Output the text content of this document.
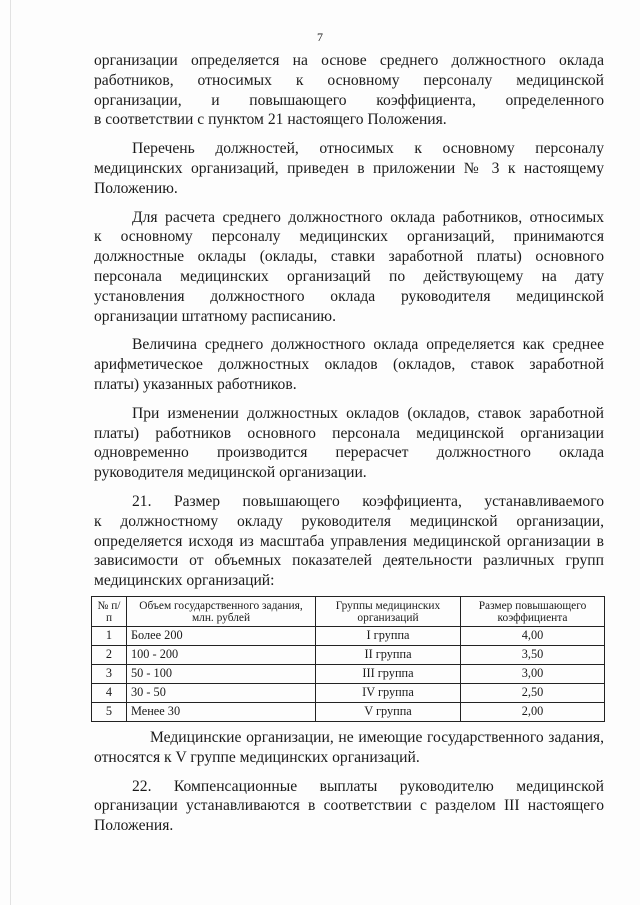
7

организации определяется на основе среднего должностного оклада
работников, относимых к основному персоналу медицинской
организации, и повышающего коэффициента, определенного
в соответствии с пунктом 21 настоящего Положения.

Перечень должностей, относимых к основному персоналу
медицинских организаций, приведен в приложении № 3 к настоящему
Положению.

Для расчета среднего должностного оклада работников, относимых
к основному персоналу медицинских организаций, принимаются
должностные оклады (оклады, ставки заработной платы) основного
персонала медицинских организаций по действующему на дату
установления должностного оклада руководителя медицинской
организации штатному расписанию.

Величина среднего должностного оклада определяется как среднее
арифметическое должностных окладов (окладов, ставок заработной
платы) указанных работников.

При изменении должностных окладов (окладов, ставок заработной
платы) работников основного персонала медицинской организации
одновременно производится перерасчет должностного оклада
руководителя медицинской организации.

21. Размер повышающего коэффициента, устанавливаемого
к должностному окладу руководителя медицинской организации,
определяется исходя из масштаба управления медицинской организации в
зависимости от объемных показателей деятельности различных групп
медицинских организаций:

№ п/п	Объем государственного задания, млн. рублей	Группы медицинских организаций	Размер повышающего коэффициента
1	Более 200	I группа	4,00
2	100 - 200	II группа	3,50
3	50 - 100	III группа	3,00
4	30 - 50	IV группа	2,50
5	Менее 30	V группа	2,00

Медицинские организации, не имеющие государственного задания,
относятся к V группе медицинских организаций.

22. Компенсационные выплаты руководителю медицинской
организации устанавливаются в соответствии с разделом III настоящего
Положения.
